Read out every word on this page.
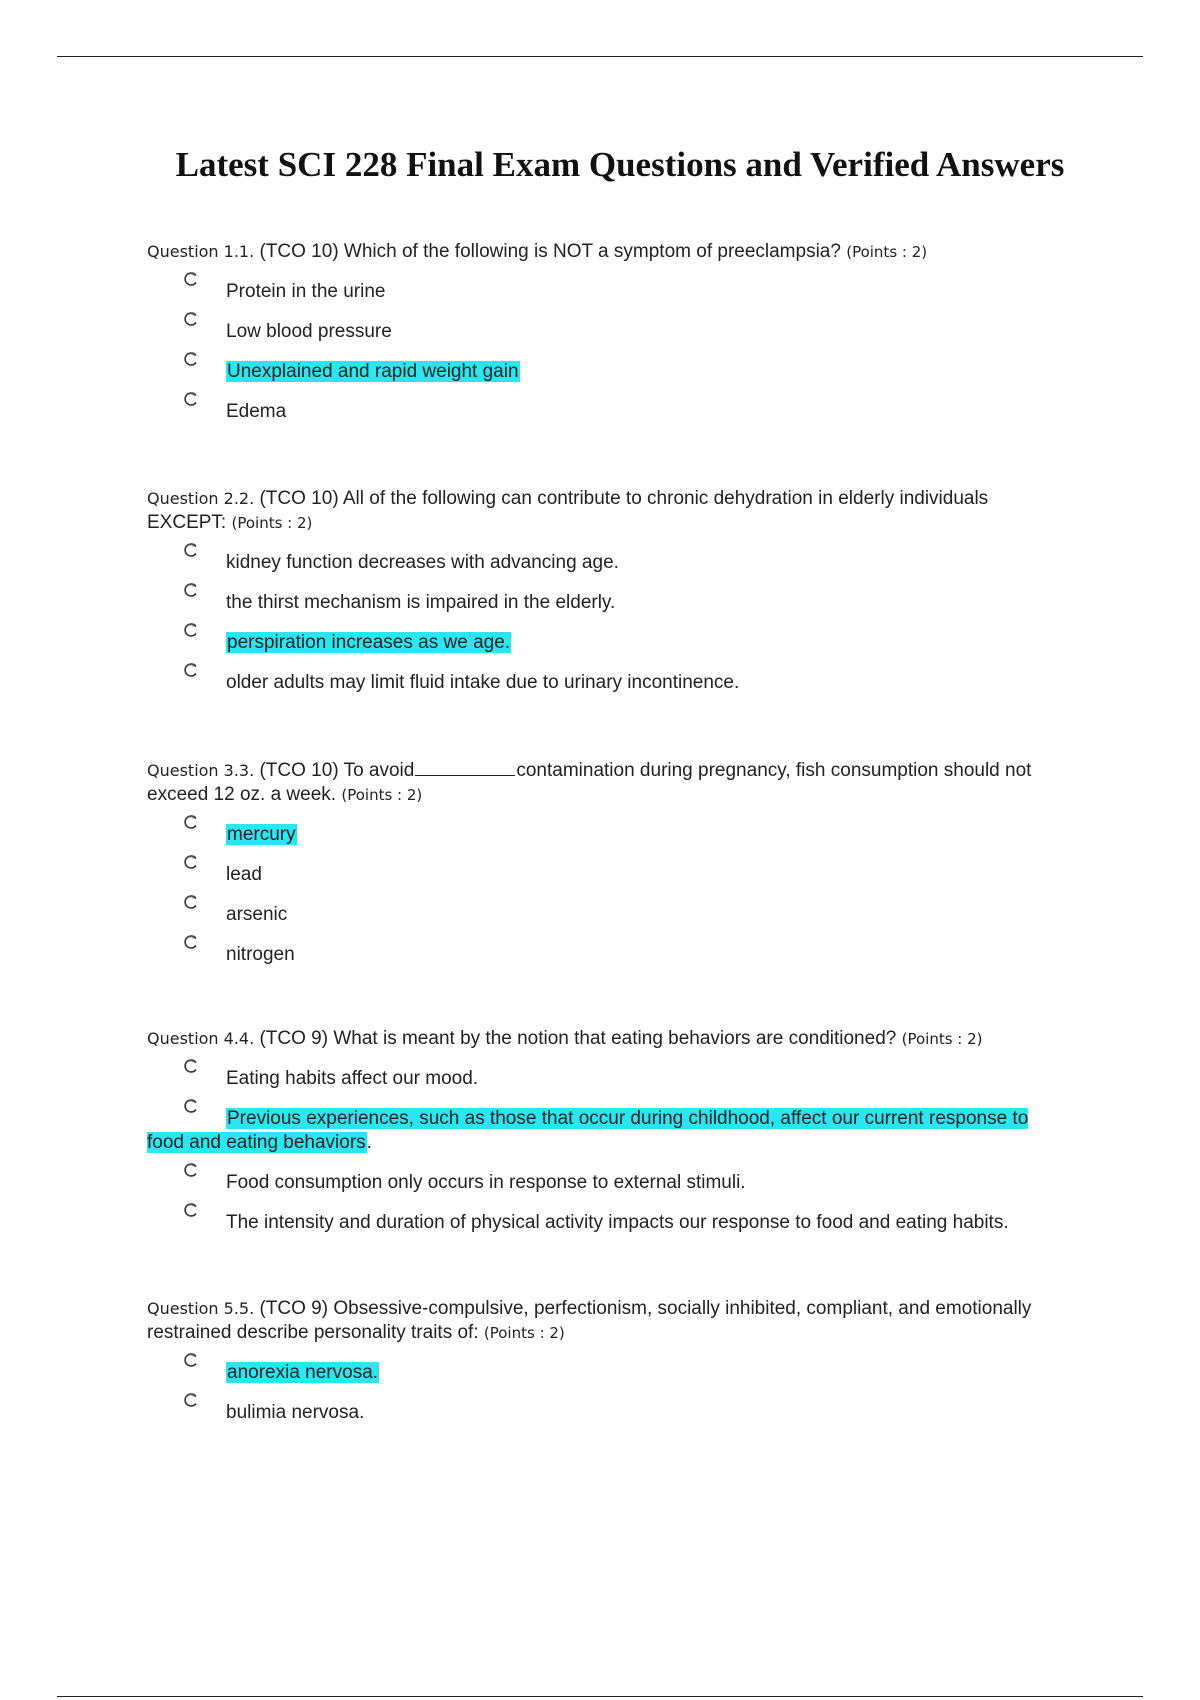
Latest SCI 228 Final Exam Questions and Verified Answers

Question 1.1. (TCO 10) Which of the following is NOT a symptom of preeclampsia? (Points : 2)

Protein in the urine
Low blood pressure
Unexplained and rapid weight gain
Edema

Question 2.2. (TCO 10) All of the following can contribute to chronic dehydration in elderly individuals EXCEPT: (Points : 2)

kidney function decreases with advancing age.
the thirst mechanism is impaired in the elderly.
perspiration increases as we age.
older adults may limit fluid intake due to urinary incontinence.

Question 3.3. (TCO 10) To avoid	contamination during pregnancy, fish consumption should not exceed 12 oz. a week. (Points : 2)

mercury
lead
arsenic
nitrogen

Question 4.4. (TCO 9) What is meant by the notion that eating behaviors are conditioned? (Points : 2)

Eating habits affect our mood.
Previous experiences, such as those that occur during childhood, affect our current response to food and eating behaviors.
Food consumption only occurs in response to external stimuli.
The intensity and duration of physical activity impacts our response to food and eating habits.

Question 5.5. (TCO 9) Obsessive-compulsive, perfectionism, socially inhibited, compliant, and emotionally restrained describe personality traits of: (Points : 2)

anorexia nervosa.
bulimia nervosa.
